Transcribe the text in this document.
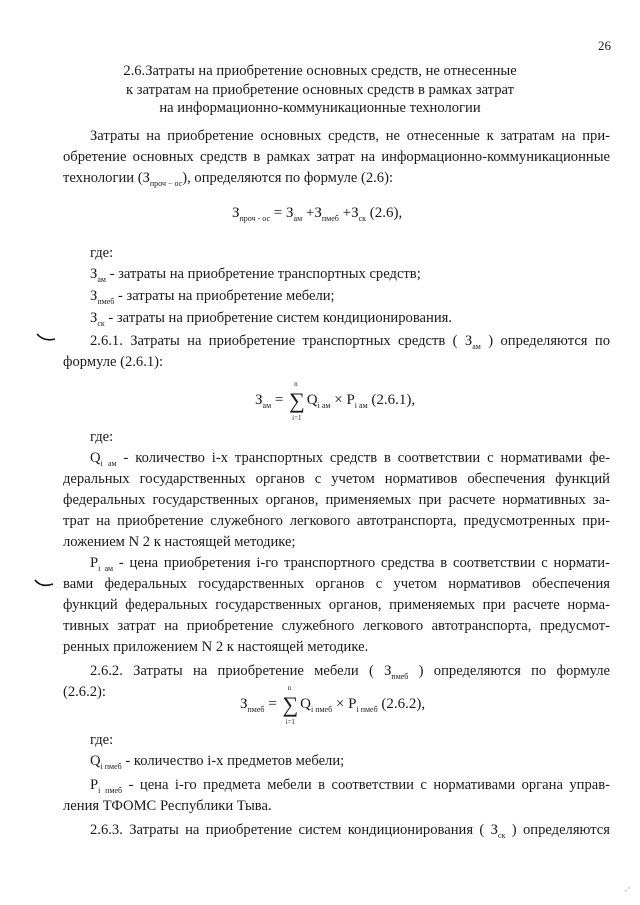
26
2.6.Затраты на приобретение основных средств, не отнесенные
к затратам на приобретение основных средств в рамках затрат
на информационно-коммуникационные технологии
Затраты на приобретение основных средств, не отнесенные к затратам на при-
обретение основных средств в рамках затрат на информационно-коммуникационные
технологии $(З_{проч - ос})$, определяются по формуле (2.6):
$З_{проч - ос} = З_{ам} +З_{пмеб} +З_{ск}$ (2.6),
где:
$З_{ам}$ - затраты на приобретение транспортных средств;
$З_{пмеб}$ - затраты на приобретение мебели;
$З_{ск}$ - затраты на приобретение систем кондиционирования.
2.6.1. Затраты на приобретение транспортных средств ( $З_{ам}$ ) определяются по
формуле (2.6.1):
$З_{ам}$ = ∑
n
i=1
$Q_{i ам} \times P_{i ам}$ (2.6.1),
где:
$Q_{i ам}$ - количество i-х транспортных средств в соответствии с нормативами фе-
деральных государственных органов с учетом нормативов обеспечения функций
федеральных государственных органов, применяемых при расчете нормативных за-
трат на приобретение служебного легкового автотранспорта, предусмотренных при-
ложением N 2 к настоящей методике;
$P_{i ам}$ - цена приобретения i-го транспортного средства в соответствии с нормати-
вами федеральных государственных органов с учетом нормативов обеспечения
функций федеральных государственных органов, применяемых при расчете норма-
тивных затрат на приобретение служебного легкового автотранспорта, предусмот-
ренных приложением N 2 к настоящей методике.
2.6.2. Затраты на приобретение мебели ( $З_{пмеб}$ ) определяются по формуле
(2.6.2):
$З_{пмеб}$ = ∑
n
i=1
$Q_{i пмеб} \times P_{i пмеб}$ (2.6.2),
где:
$Q_{i пмеб}$ - количество i-х предметов мебели;
$P_{i пмеб}$ - цена i-го предмета мебели в соответствии с нормативами органа управ-
ления ТФОМС Республики Тыва.
2.6.3. Затраты на приобретение систем кондиционирования ( $З_{ск}$ ) определяются
